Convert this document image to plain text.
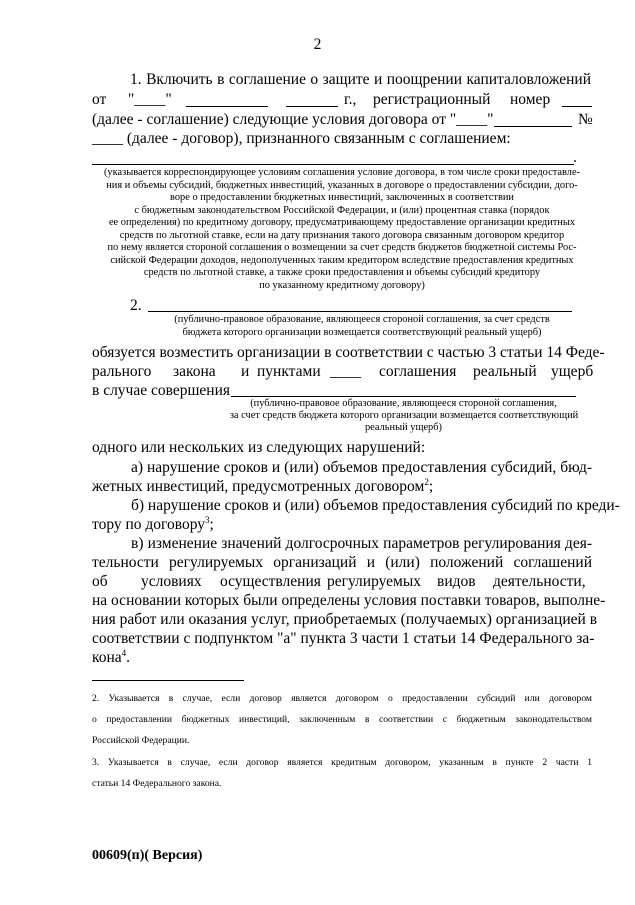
2
1. Включить в соглашение о защите и поощрении капиталовложений
от "____"	г., регистрационный номер
(далее - соглашение) следующие условия договора от "____"	№
____ (далее - договор), признанного связанным с соглашением:
.
(указывается корреспондирующее условиям соглашения условие договора, в том числе сроки предоставле-
ния и объемы субсидий, бюджетных инвестиций, указанных в договоре о предоставлении субсидии, дого-
воре о предоставлении бюджетных инвестиций, заключенных в соответствии
с бюджетным законодательством Российской Федерации, и (или) процентная ставка (порядок
ее определения) по кредитному договору, предусматривающему предоставление организации кредитных
средств по льготной ставке, если на дату признания такого договора связанным договором кредитор
по нему является стороной соглашения о возмещении за счет средств бюджетов бюджетной системы Рос-
сийской Федерации доходов, недополученных таким кредитором вследствие предоставления кредитных
средств по льготной ставке, а также сроки предоставления и объемы субсидий кредитору
по указанному кредитному договору)
2.
(публично-правовое образование, являющееся стороной соглашения, за счет средств
бюджета которого организации возмещается соответствующий реальный ущерб)
обязуется возместить организации в соответствии с частью 3 статьи 14 Феде-
рального закона и пунктами ____ соглашения реальный ущерб
в случае совершения
(публично-правовое образование, являющееся стороной соглашения,
за счет средств бюджета которого организации возмещается соответствующий
реальный ущерб)
одного или нескольких из следующих нарушений:
а) нарушение сроков и (или) объемов предоставления субсидий, бюд-
жетных инвестиций, предусмотренных договором$^2$;
б) нарушение сроков и (или) объемов предоставления субсидий по креди-
тору по договору$^3$;
в) изменение значений долгосрочных параметров регулирования дея-
тельности регулируемых организаций и (или) положений соглашений
об условиях осуществления регулируемых видов деятельности,
на основании которых были определены условия поставки товаров, выполне-
ния работ или оказания услуг, приобретаемых (получаемых) организацией в
соответствии с подпунктом "а" пункта 3 части 1 статьи 14 Федерального за-
кона$^4$.
2. Указывается в случае, если договор является договором о предоставлении субсидий или договором
о предоставлении бюджетных инвестиций, заключенным в соответствии с бюджетным законодательством
Российской Федерации.
3. Указывается в случае, если договор является кредитным договором, указанным в пункте 2 части 1
статьи 14 Федерального закона.
00609(п)( Версия)
